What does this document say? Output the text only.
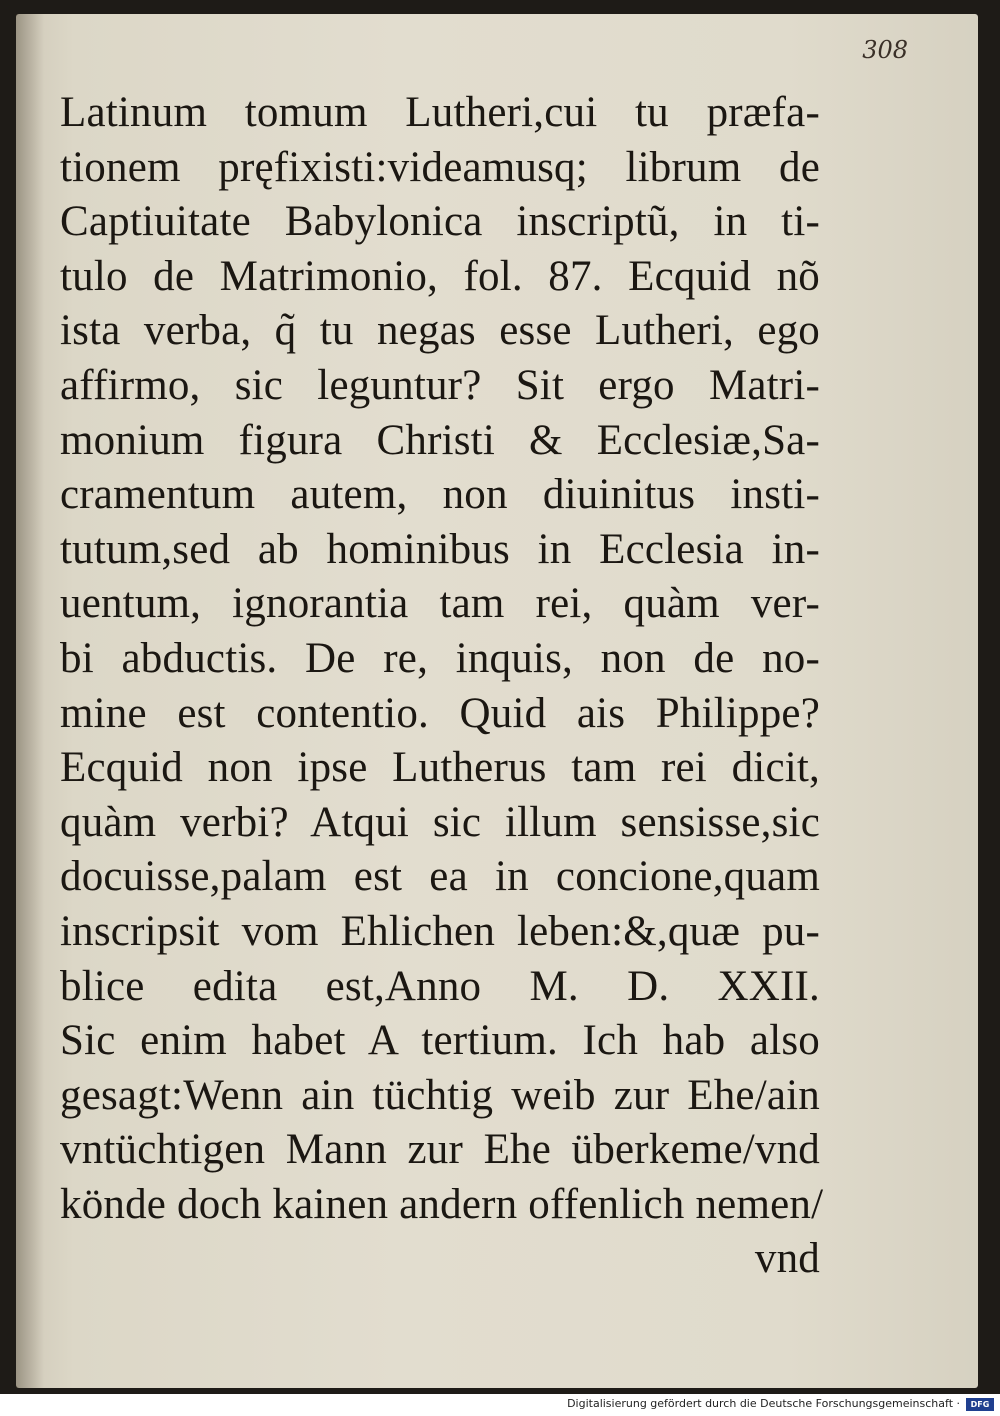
308
Latinum tomum Lutheri,cui tu præfa-
tionem pręfixisti:videamusq; librum de
Captiuitate Babylonica inscriptũ, in ti-
tulo de Matrimonio, fol. 87. Ecquid nõ
ista verba, q̃ tu negas esse Lutheri, ego
affirmo, sic leguntur? Sit ergo Matri-
monium figura Christi & Ecclesiæ,Sa-
cramentum autem, non diuinitus insti-
tutum,sed ab hominibus in Ecclesia in-
uentum, ignorantia tam rei, quàm ver-
bi abductis. De re, inquis, non de no-
mine est contentio. Quid ais Philippe?
Ecquid non ipse Lutherus tam rei dicit,
quàm verbi? Atqui sic illum sensisse,sic
docuisse,palam est ea in concione,quam
inscripsit vom Ehlichen leben:&,quæ pu-
blice edita est,Anno M. D. XXII.
Sic enim habet A tertium. Ich hab also
gesagt:Wenn ain tüchtig weib zur Ehe/ain
vntüchtigen Mann zur Ehe überkeme/vnd
könde doch kainen andern offenlich nemen/
vnd
Digitalisierung gefördert durch die Deutsche Forschungsgemeinschaft ·	DFG
